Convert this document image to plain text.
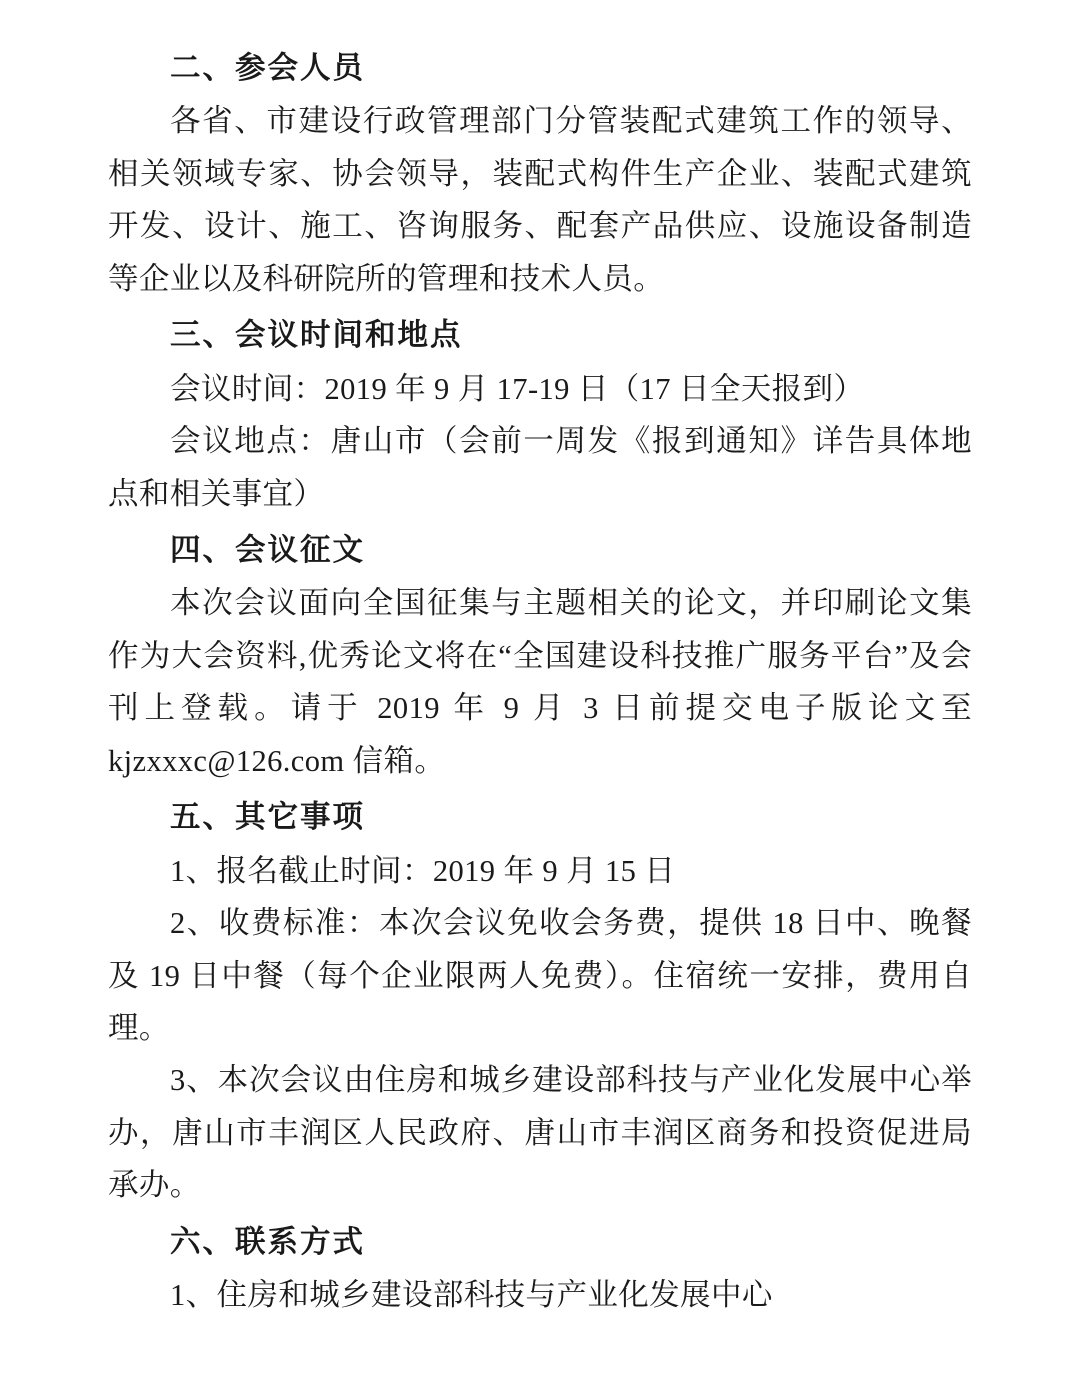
二、参会人员

各省、市建设行政管理部门分管装配式建筑工作的领导、相关领域专家、协会领导，装配式构件生产企业、装配式建筑开发、设计、施工、咨询服务、配套产品供应、设施设备制造等企业以及科研院所的管理和技术人员。

三、会议时间和地点

会议时间：2019 年 9 月 17-19 日（17 日全天报到）

会议地点：唐山市（会前一周发《报到通知》详告具体地点和相关事宜）

四、会议征文

本次会议面向全国征集与主题相关的论文，并印刷论文集作为大会资料,优秀论文将在“全国建设科技推广服务平台”及会刊上登载。请于 2019 年 9 月 3 日前提交电子版论文至 kjzxxxc@126.com 信箱。

五、其它事项

1、报名截止时间：2019 年 9 月 15 日

2、收费标准：本次会议免收会务费，提供 18 日中、晚餐及 19 日中餐（每个企业限两人免费）。住宿统一安排，费用自理。

3、本次会议由住房和城乡建设部科技与产业化发展中心举办，唐山市丰润区人民政府、唐山市丰润区商务和投资促进局承办。

六、联系方式

1、住房和城乡建设部科技与产业化发展中心
